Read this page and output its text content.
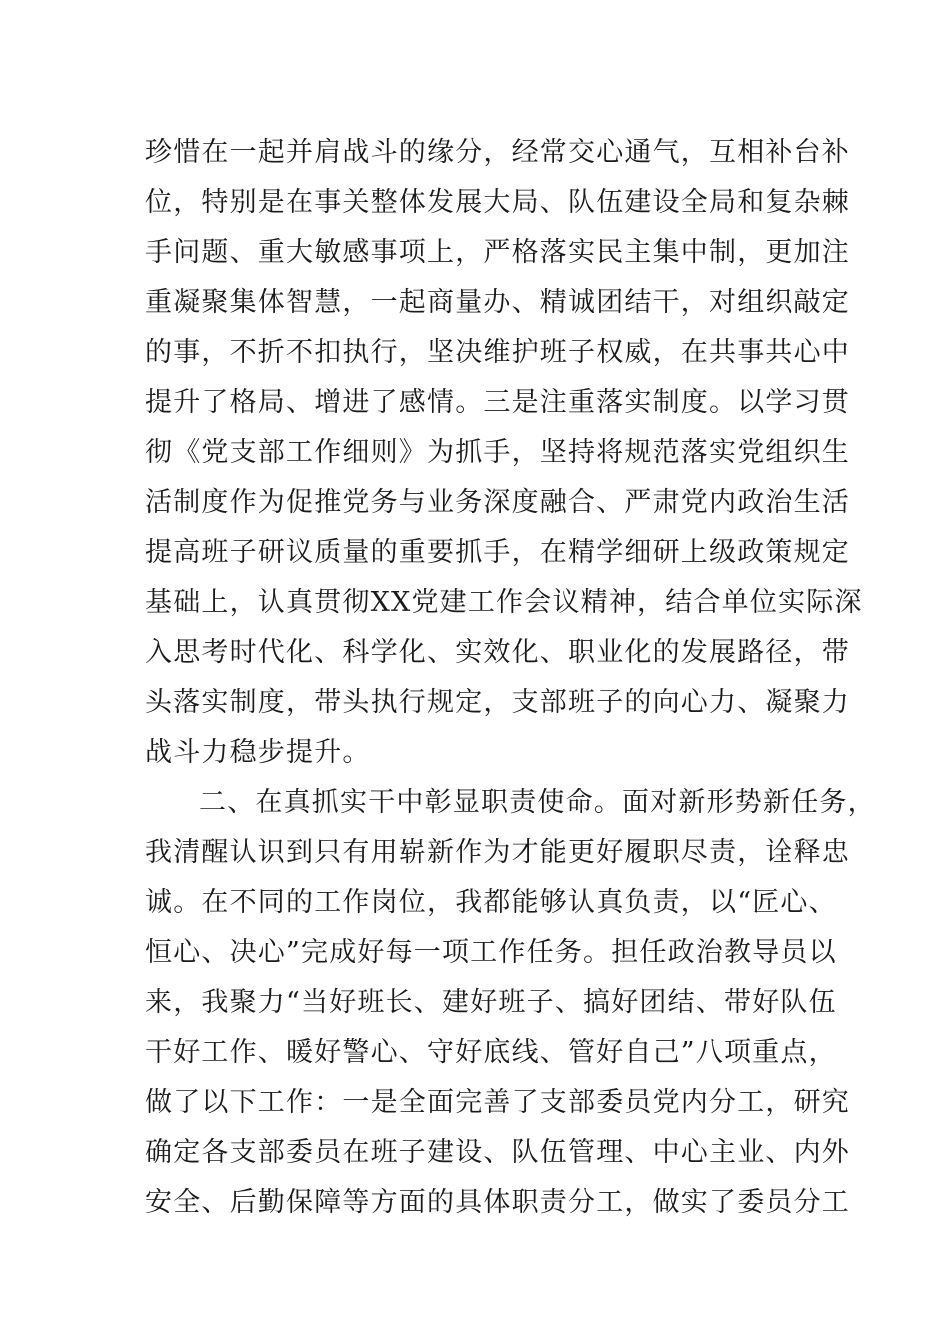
珍惜在一起并肩战斗的缘分，经常交心通气，互相补台补
位，特别是在事关整体发展大局、队伍建设全局和复杂棘
手问题、重大敏感事项上，严格落实民主集中制，更加注
重凝聚集体智慧，一起商量办、精诚团结干，对组织敲定
的事，不折不扣执行，坚决维护班子权威，在共事共心中
提升了格局、增进了感情。三是注重落实制度。以学习贯
彻《党支部工作细则》为抓手，坚持将规范落实党组织生
活制度作为促推党务与业务深度融合、严肃党内政治生活
提高班子研议质量的重要抓手，在精学细研上级政策规定
基础上，认真贯彻XX党建工作会议精神，结合单位实际深
入思考时代化、科学化、实效化、职业化的发展路径，带
头落实制度，带头执行规定，支部班子的向心力、凝聚力
战斗力稳步提升。
二、在真抓实干中彰显职责使命。面对新形势新任务，
我清醒认识到只有用崭新作为才能更好履职尽责，诠释忠
诚。在不同的工作岗位，我都能够认真负责，以“匠心、
恒心、决心”完成好每一项工作任务。担任政治教导员以
来，我聚力“当好班长、建好班子、搞好团结、带好队伍
干好工作、暖好警心、守好底线、管好自己”八项重点，
做了以下工作：一是全面完善了支部委员党内分工，研究
确定各支部委员在班子建设、队伍管理、中心主业、内外
安全、后勤保障等方面的具体职责分工，做实了委员分工
